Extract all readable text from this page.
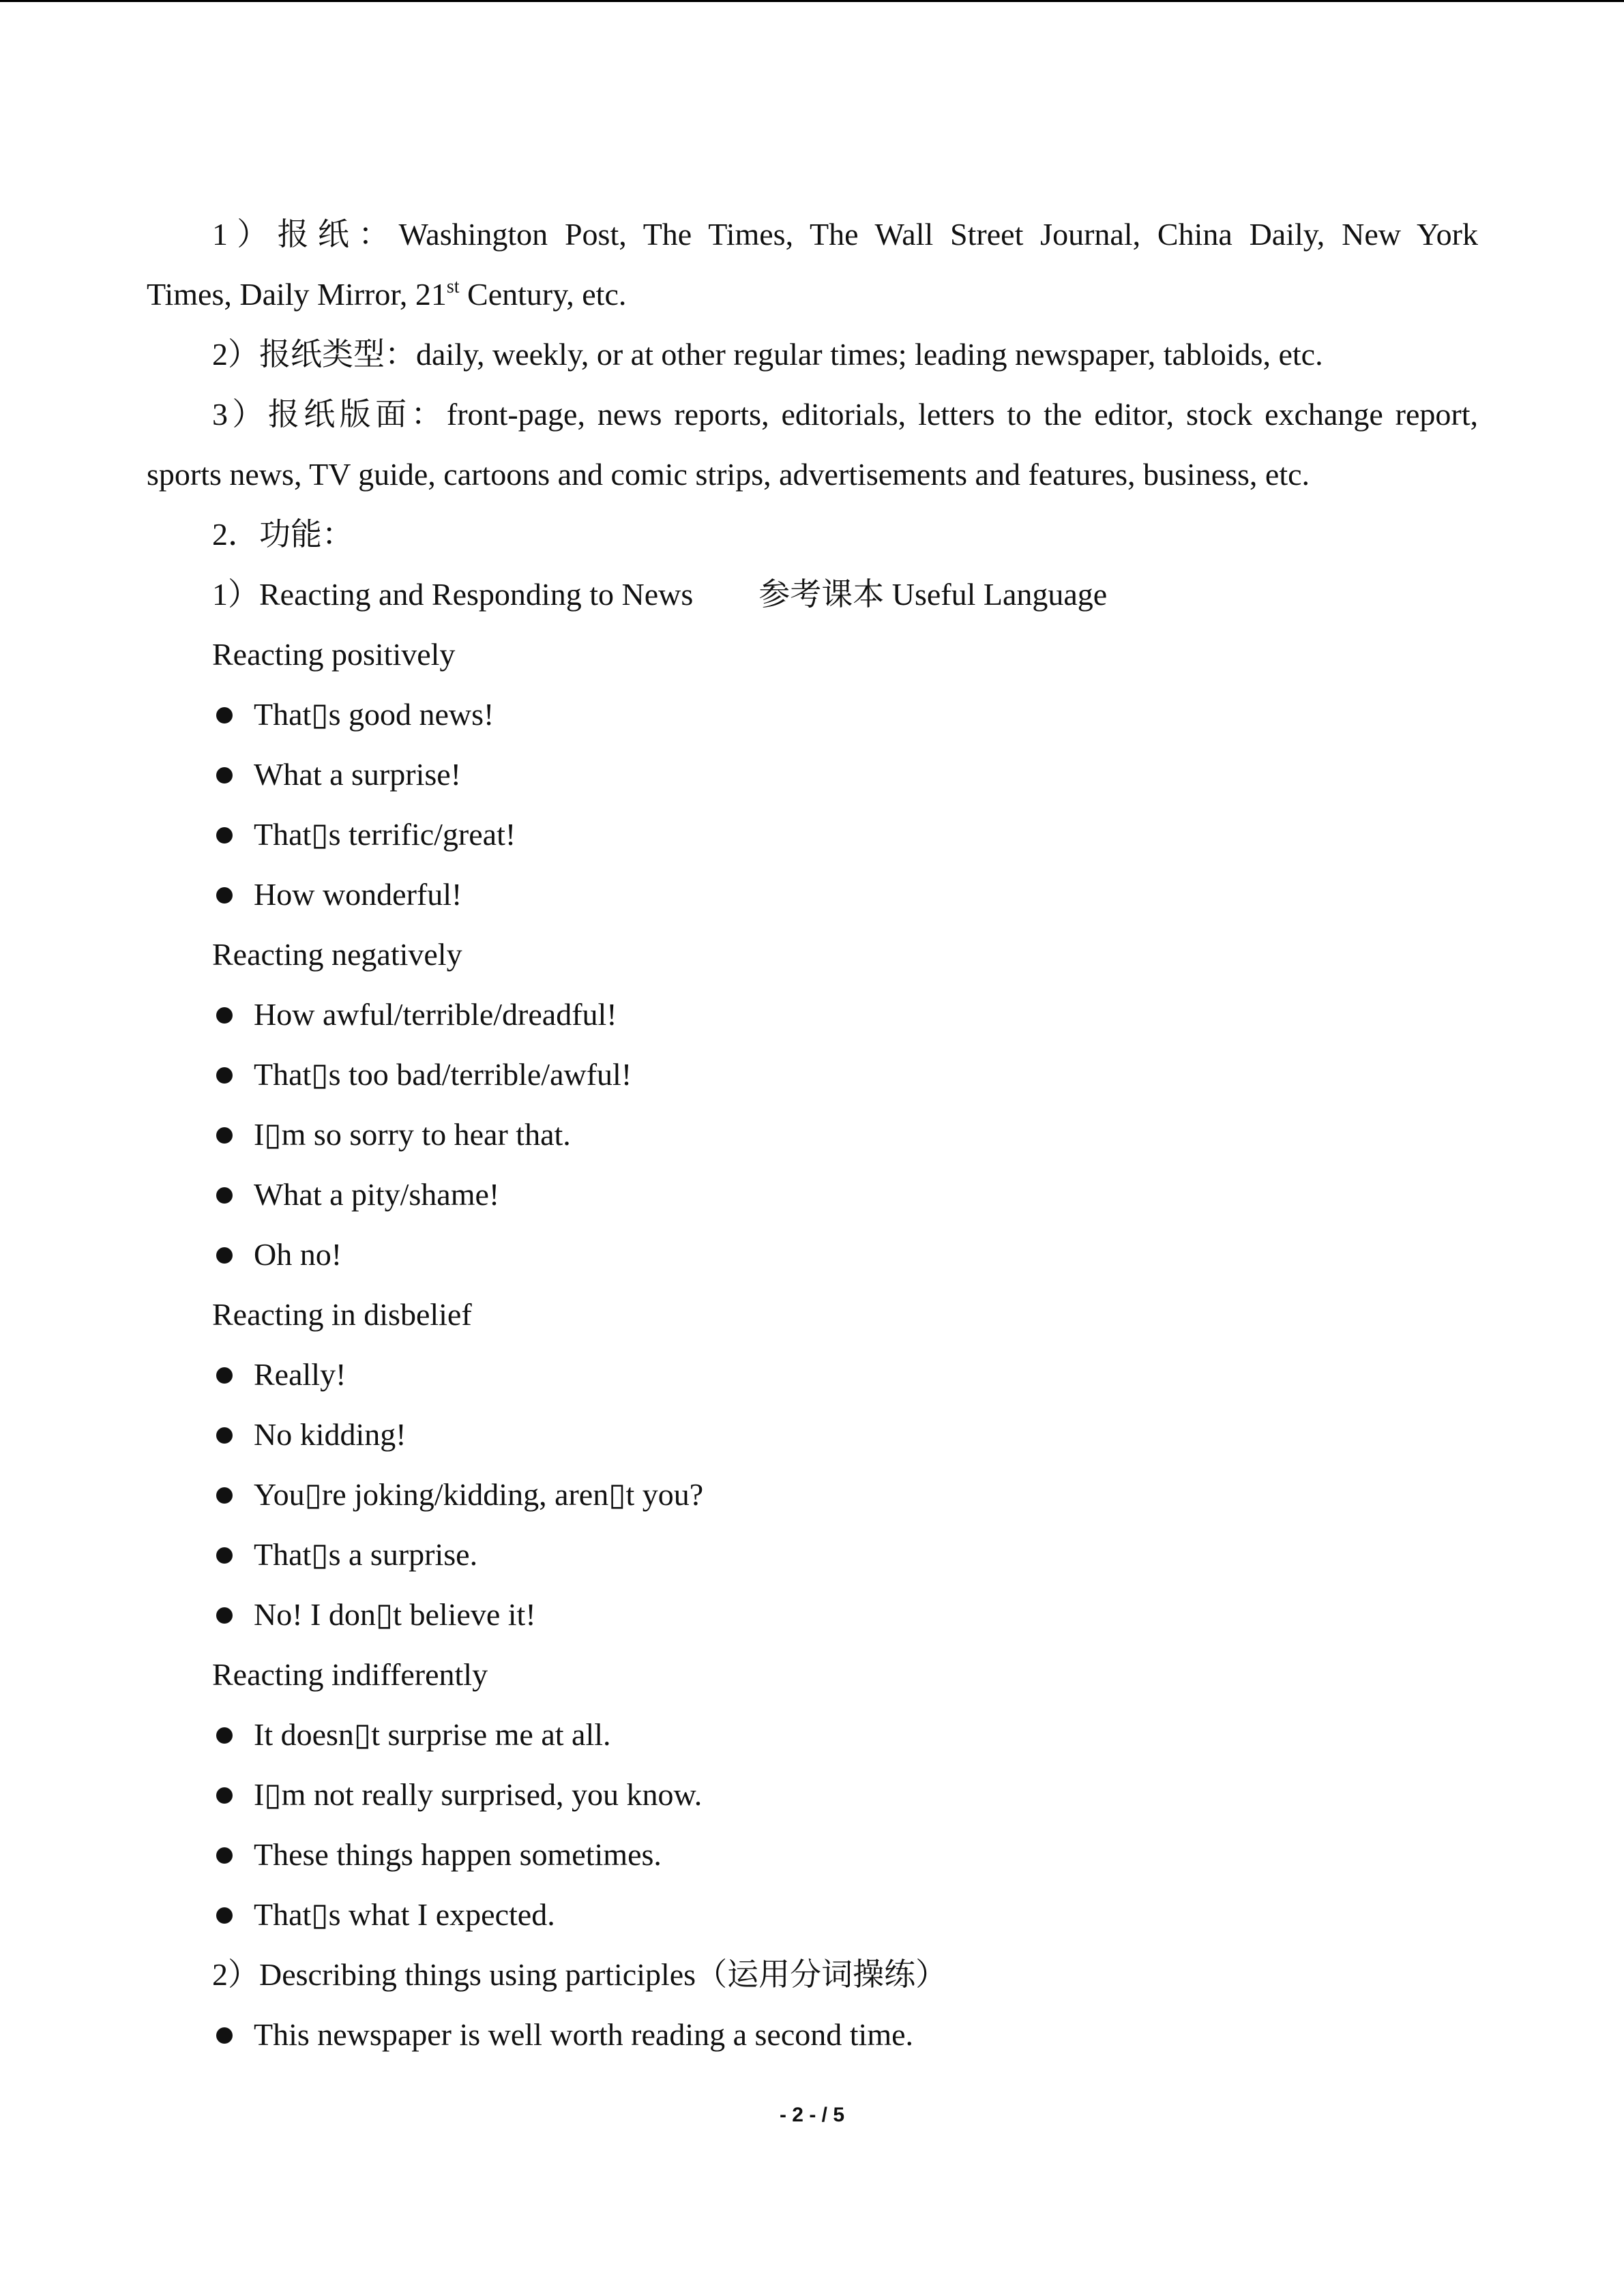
1）报纸：Washington Post, The Times, The Wall Street Journal, China Daily, New York
Times, Daily Mirror, 21st Century, etc.
2）报纸类型：daily, weekly, or at other regular times; leading newspaper, tabloids, etc.
3）报纸版面：front-page, news reports, editorials, letters to the editor, stock exchange report,
sports news, TV guide, cartoons and comic strips, advertisements and features, business, etc.
2．功能：
1）Reacting and Responding to News 参考课本 Useful Language
Reacting positively
That▯s good news!
What a surprise!
That▯s terrific/great!
How wonderful!
Reacting negatively
How awful/terrible/dreadful!
That▯s too bad/terrible/awful!
I▯m so sorry to hear that.
What a pity/shame!
Oh no!
Reacting in disbelief
Really!
No kidding!
You▯re joking/kidding, aren▯t you?
That▯s a surprise.
No! I don▯t believe it!
Reacting indifferently
It doesn▯t surprise me at all.
I▯m not really surprised, you know.
These things happen sometimes.
That▯s what I expected.
2）Describing things using participles（运用分词操练）
This newspaper is well worth reading a second time.
- 2 - / 5
